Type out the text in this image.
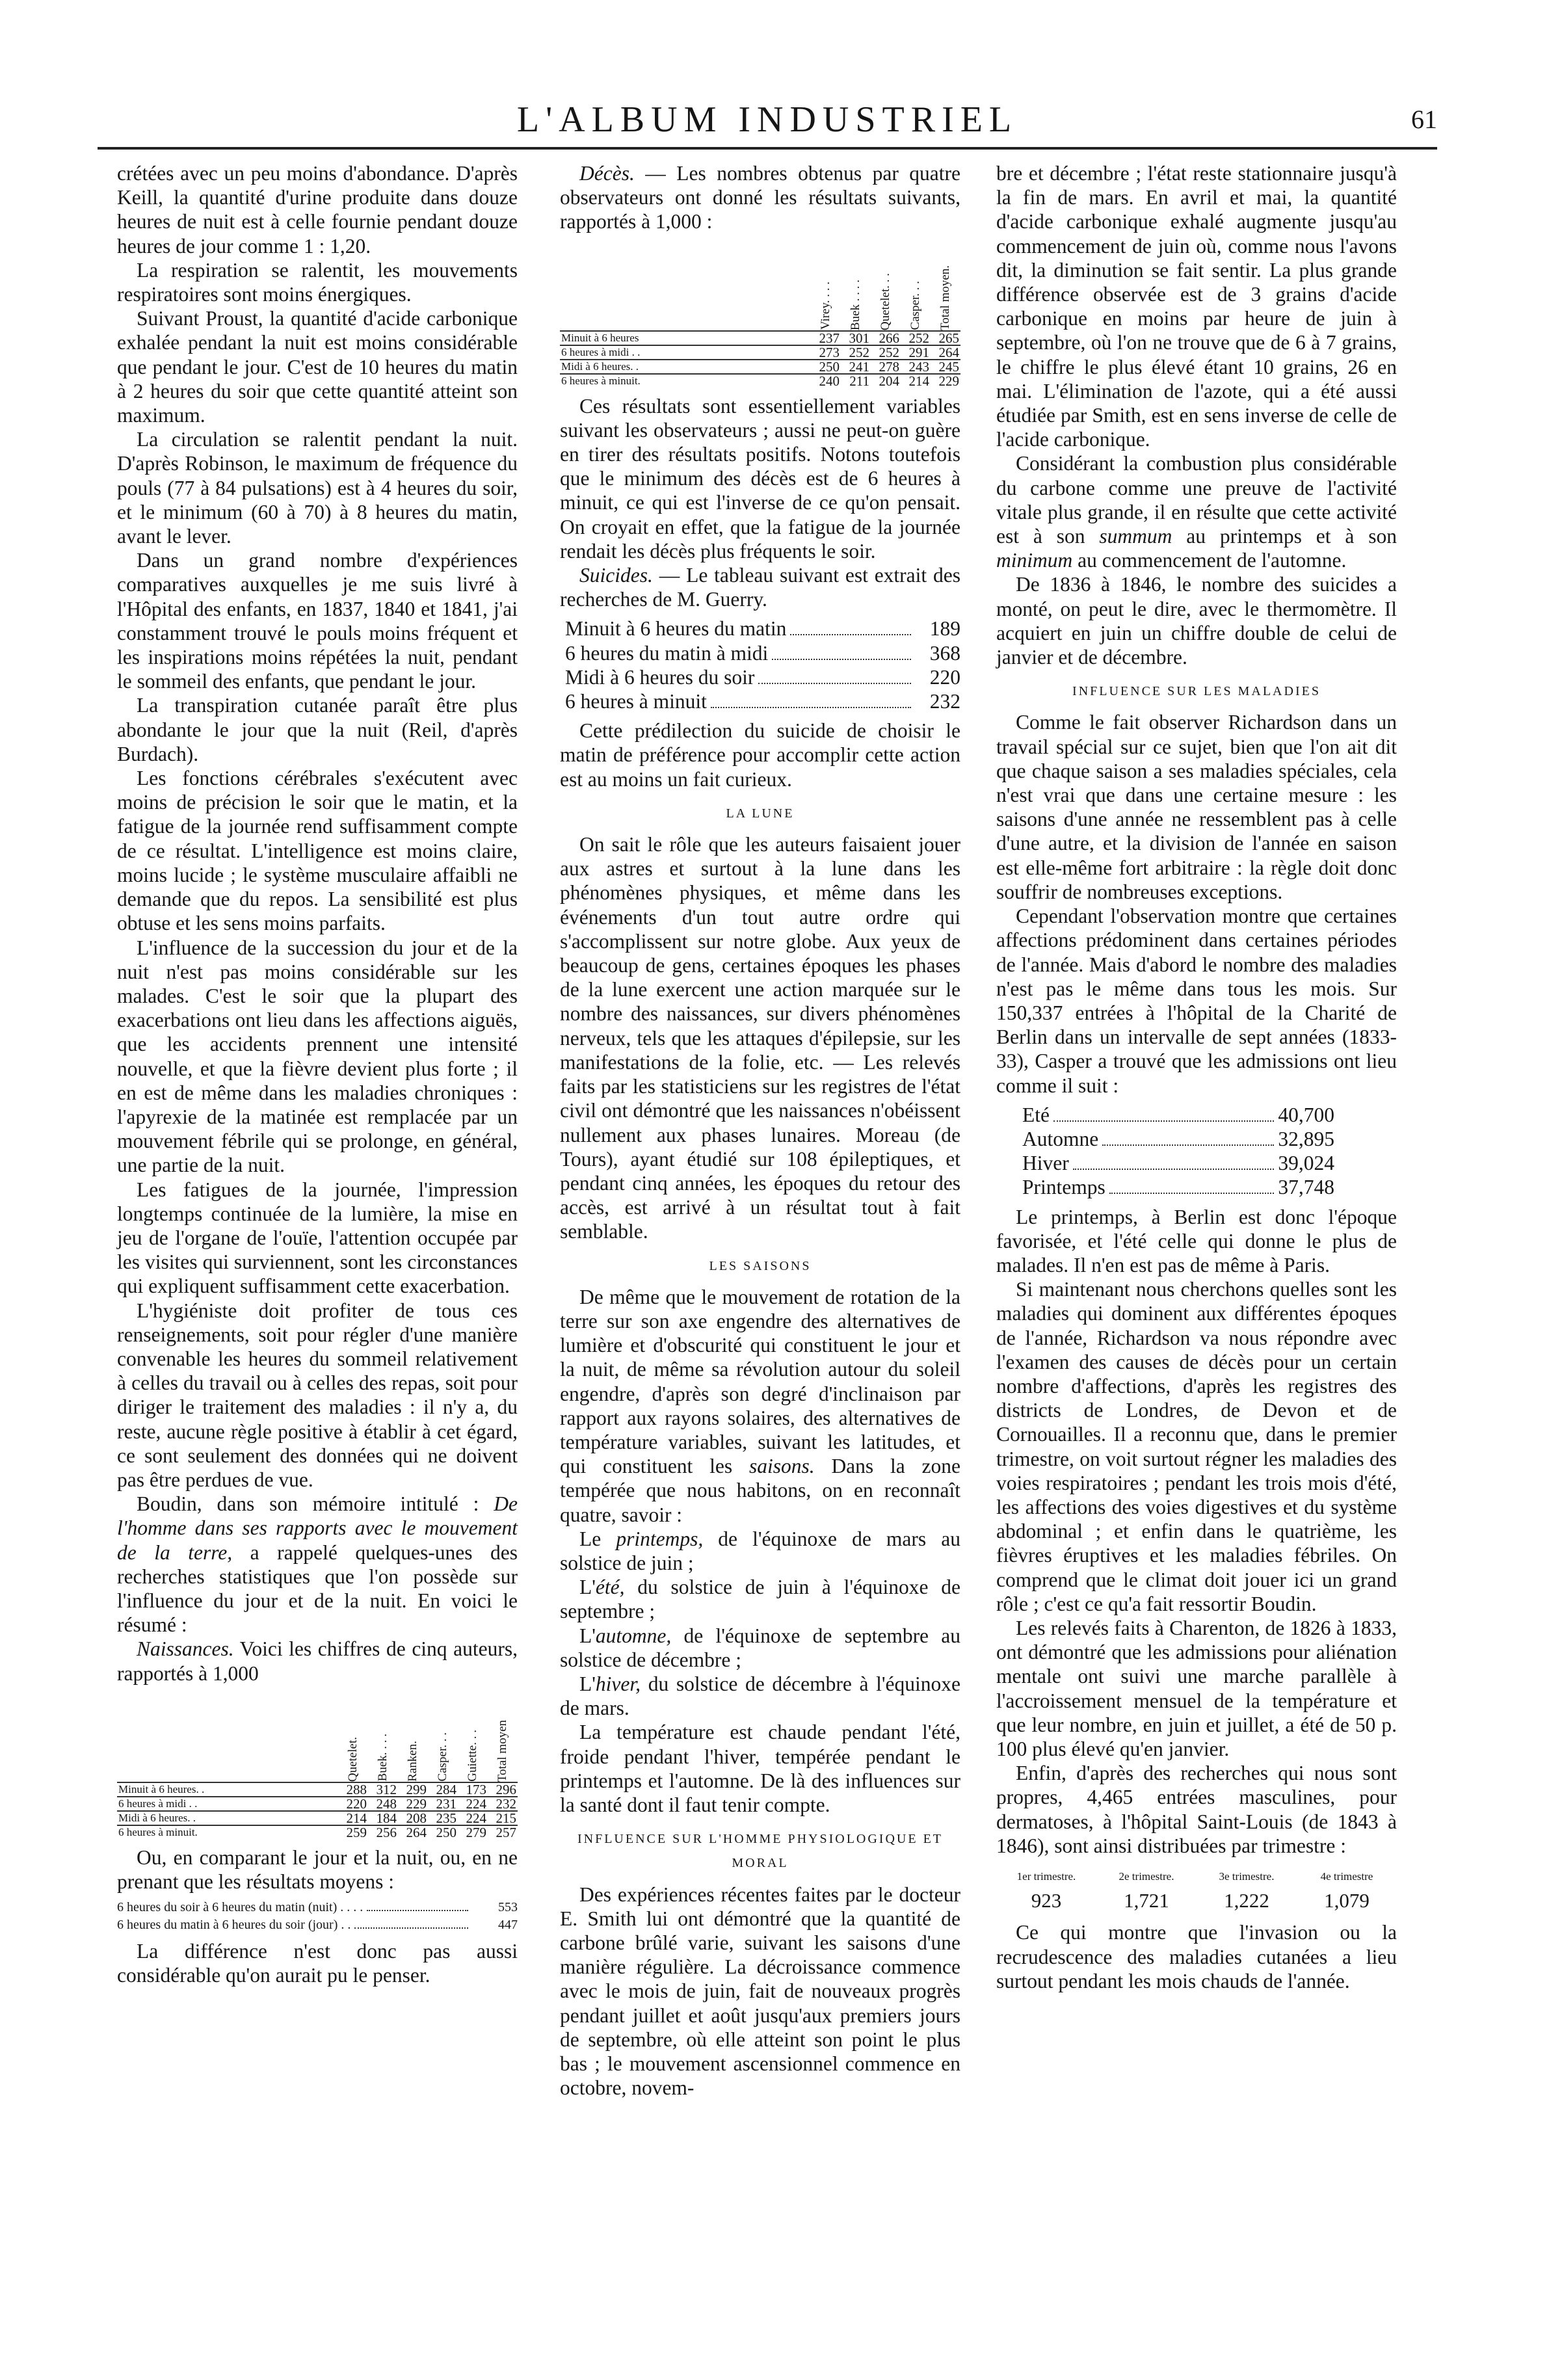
L'ALBUM INDUSTRIEL	61

crétées avec un peu moins d'abondance. D'après Keill, la quantité d'urine produite dans douze heures de nuit est à celle fournie pendant douze heures de jour comme 1 : 1,20.

La respiration se ralentit, les mouvements respiratoires sont moins énergiques.

Suivant Proust, la quantité d'acide carbonique exhalée pendant la nuit est moins considérable que pendant le jour. C'est de 10 heures du matin à 2 heures du soir que cette quantité atteint son maximum.

La circulation se ralentit pendant la nuit. D'après Robinson, le maximum de fréquence du pouls (77 à 84 pulsations) est à 4 heures du soir, et le minimum (60 à 70) à 8 heures du matin, avant le lever.

Dans un grand nombre d'expériences comparatives auxquelles je me suis livré à l'Hôpital des enfants, en 1837, 1840 et 1841, j'ai constamment trouvé le pouls moins fréquent et les inspirations moins répétées la nuit, pendant le sommeil des enfants, que pendant le jour.

La transpiration cutanée paraît être plus abondante le jour que la nuit (Reil, d'après Burdach).

Les fonctions cérébrales s'exécutent avec moins de précision le soir que le matin, et la fatigue de la journée rend suffisamment compte de ce résultat. L'intelligence est moins claire, moins lucide ; le système musculaire affaibli ne demande que du repos. La sensibilité est plus obtuse et les sens moins parfaits.

L'influence de la succession du jour et de la nuit n'est pas moins considérable sur les malades. C'est le soir que la plupart des exacerbations ont lieu dans les affections aiguës, que les accidents prennent une intensité nouvelle, et que la fièvre devient plus forte ; il en est de même dans les maladies chroniques : l'apyrexie de la matinée est remplacée par un mouvement fébrile qui se prolonge, en général, une partie de la nuit.

Les fatigues de la journée, l'impression longtemps continuée de la lumière, la mise en jeu de l'organe de l'ouïe, l'attention occupée par les visites qui surviennent, sont les circonstances qui expliquent suffisamment cette exacerbation.

L'hygiéniste doit profiter de tous ces renseignements, soit pour régler d'une manière convenable les heures du sommeil relativement à celles du travail ou à celles des repas, soit pour diriger le traitement des maladies : il n'y a, du reste, aucune règle positive à établir à cet égard, ce sont seulement des données qui ne doivent pas être perdues de vue.

Boudin, dans son mémoire intitulé : De l'homme dans ses rapports avec le mouvement de la terre, a rappelé quelques-unes des recherches statistiques que l'on possède sur l'influence du jour et de la nuit. En voici le résumé :

Naissances. Voici les chiffres de cinq auteurs, rapportés à 1,000

	Quetelet.	Buek. . . .	Ranken.	Casper. . .	Guiette. . .	Total moyen

Minuit à 6 heures. .	288	312	299	284	173	296
6 heures à midi . .	220	248	229	231	224	232
Midi à 6 heures. .	214	184	208	235	224	215
6 heures à minuit.	259	256	264	250	279	257

Ou, en comparant le jour et la nuit, ou, en ne prenant que les résultats moyens :

6 heures du soir à 6 heures du matin (nuit) . . . .	553
6 heures du matin à 6 heures du soir (jour) . .	447

La différence n'est donc pas aussi considérable qu'on aurait pu le penser.

Décès. — Les nombres obtenus par quatre observateurs ont donné les résultats suivants, rapportés à 1,000 :

	Virey. . . .	Buek . . . .	Quetelet. . .	Casper. . .	Total moyen.

Minuit à 6 heures	237	301	266	252	265
6 heures à midi . .	273	252	252	291	264
Midi à 6 heures. .	250	241	278	243	245
6 heures à minuit.	240	211	204	214	229

Ces résultats sont essentiellement variables suivant les observateurs ; aussi ne peut-on guère en tirer des résultats positifs. Notons toutefois que le minimum des décès est de 6 heures à minuit, ce qui est l'inverse de ce qu'on pensait. On croyait en effet, que la fatigue de la journée rendait les décès plus fréquents le soir.

Suicides. — Le tableau suivant est extrait des recherches de M. Guerry.

Minuit à 6 heures du matin	189
6 heures du matin à midi	368
Midi à 6 heures du soir	220
6 heures à minuit	232

Cette prédilection du suicide de choisir le matin de préférence pour accomplir cette action est au moins un fait curieux.

LA LUNE

On sait le rôle que les auteurs faisaient jouer aux astres et surtout à la lune dans les phénomènes physiques, et même dans les événements d'un tout autre ordre qui s'accomplissent sur notre globe. Aux yeux de beaucoup de gens, certaines époques les phases de la lune exercent une action marquée sur le nombre des naissances, sur divers phénomènes nerveux, tels que les attaques d'épilepsie, sur les manifestations de la folie, etc. — Les relevés faits par les statisticiens sur les registres de l'état civil ont démontré que les naissances n'obéissent nullement aux phases lunaires. Moreau (de Tours), ayant étudié sur 108 épileptiques, et pendant cinq années, les époques du retour des accès, est arrivé à un résultat tout à fait semblable.

LES SAISONS

De même que le mouvement de rotation de la terre sur son axe engendre des alternatives de lumière et d'obscurité qui constituent le jour et la nuit, de même sa révolution autour du soleil engendre, d'après son degré d'inclinaison par rapport aux rayons solaires, des alternatives de température variables, suivant les latitudes, et qui constituent les saisons. Dans la zone tempérée que nous habitons, on en reconnaît quatre, savoir :

Le printemps, de l'équinoxe de mars au solstice de juin ;

L'été, du solstice de juin à l'équinoxe de septembre ;

L'automne, de l'équinoxe de septembre au solstice de décembre ;

L'hiver, du solstice de décembre à l'équinoxe de mars.

La température est chaude pendant l'été, froide pendant l'hiver, tempérée pendant le printemps et l'automne. De là des influences sur la santé dont il faut tenir compte.

INFLUENCE SUR L'HOMME PHYSIOLOGIQUE ET MORAL

Des expériences récentes faites par le docteur E. Smith lui ont démontré que la quantité de carbone brûlé varie, suivant les saisons d'une manière régulière. La décroissance commence avec le mois de juin, fait de nouveaux progrès pendant juillet et août jusqu'aux premiers jours de septembre, où elle atteint son point le plus bas ; le mouvement ascensionnel commence en octobre, novem-

bre et décembre ; l'état reste stationnaire jusqu'à la fin de mars. En avril et mai, la quantité d'acide carbonique exhalé augmente jusqu'au commencement de juin où, comme nous l'avons dit, la diminution se fait sentir. La plus grande différence observée est de 3 grains d'acide carbonique en moins par heure de juin à septembre, où l'on ne trouve que de 6 à 7 grains, le chiffre le plus élevé étant 10 grains, 26 en mai. L'élimination de l'azote, qui a été aussi étudiée par Smith, est en sens inverse de celle de l'acide carbonique.

Considérant la combustion plus considérable du carbone comme une preuve de l'activité vitale plus grande, il en résulte que cette activité est à son summum au printemps et à son minimum au commencement de l'automne.

De 1836 à 1846, le nombre des suicides a monté, on peut le dire, avec le thermomètre. Il acquiert en juin un chiffre double de celui de janvier et de décembre.

INFLUENCE SUR LES MALADIES

Comme le fait observer Richardson dans un travail spécial sur ce sujet, bien que l'on ait dit que chaque saison a ses maladies spéciales, cela n'est vrai que dans une certaine mesure : les saisons d'une année ne ressemblent pas à celle d'une autre, et la division de l'année en saison est elle-même fort arbitraire : la règle doit donc souffrir de nombreuses exceptions.

Cependant l'observation montre que certaines affections prédominent dans certaines périodes de l'année. Mais d'abord le nombre des maladies n'est pas le même dans tous les mois. Sur 150,337 entrées à l'hôpital de la Charité de Berlin dans un intervalle de sept années (1833-33), Casper a trouvé que les admissions ont lieu comme il suit :

Eté	40,700
Automne	32,895
Hiver	39,024
Printemps	37,748

Le printemps, à Berlin est donc l'époque favorisée, et l'été celle qui donne le plus de malades. Il n'en est pas de même à Paris.

Si maintenant nous cherchons quelles sont les maladies qui dominent aux différentes époques de l'année, Richardson va nous répondre avec l'examen des causes de décès pour un certain nombre d'affections, d'après les registres des districts de Londres, de Devon et de Cornouailles. Il a reconnu que, dans le premier trimestre, on voit surtout régner les maladies des voies respiratoires ; pendant les trois mois d'été, les affections des voies digestives et du système abdominal ; et enfin dans le quatrième, les fièvres éruptives et les maladies fébriles. On comprend que le climat doit jouer ici un grand rôle ; c'est ce qu'a fait ressortir Boudin.

Les relevés faits à Charenton, de 1826 à 1833, ont démontré que les admissions pour aliénation mentale ont suivi une marche parallèle à l'accroissement mensuel de la température et que leur nombre, en juin et juillet, a été de 50 p. 100 plus élevé qu'en janvier.

Enfin, d'après des recherches qui nous sont propres, 4,465 entrées masculines, pour dermatoses, à l'hôpital Saint-Louis (de 1843 à 1846), sont ainsi distribuées par trimestre :

1er trimestre.	2e trimestre.	3e trimestre.	4e trimestre
923	1,721	1,222	1,079

Ce qui montre que l'invasion ou la recrudescence des maladies cutanées a lieu surtout pendant les mois chauds de l'année.
